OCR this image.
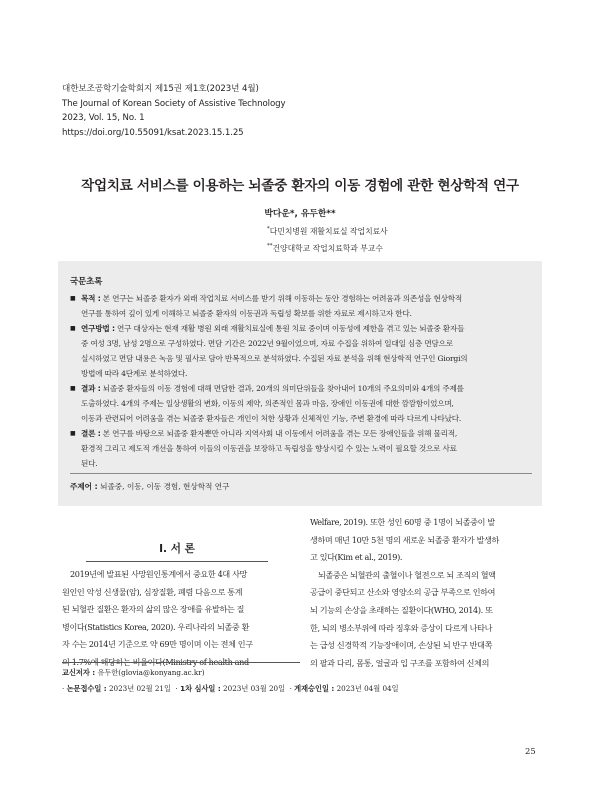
대한보조공학기술학회지 제15권 제1호(2023년 4월)
The Journal of Korean Society of Assistive Technology
2023, Vol. 15, No. 1
https://doi.org/10.55091/ksat.2023.15.1.25
작업치료 서비스를 이용하는 뇌졸중 환자의 이동 경험에 관한 현상학적 연구
박다운*, 유두한**
*다민치병원 재활치료실 작업치료사
**건양대학교 작업치료학과 부교수
국문초록
■ 목적 : 본 연구는 뇌졸중 환자가 외래 작업치료 서비스를 받기 위해 이동하는 동안 경험하는 어려움과 의존성을 현상학적
연구를 통하여 깊이 있게 이해하고 뇌졸중 환자의 이동권과 독립성 확보를 위한 자료로 제시하고자 한다.
■ 연구방법 : 연구 대상자는 현재 재활 병원 외래 재활치료실에 통원 치료 중이며 이동성에 제한을 겪고 있는 뇌졸중 환자들
중 여성 3명, 남성 2명으로 구성하였다. 면담 기간은 2022년 9월이었으며, 자료 수집을 위하여 일대일 심층 면담으로
실시하였고 면담 내용은 녹음 및 필사로 담아 반복적으로 분석하였다. 수집된 자료 분석을 위해 현상학적 연구인 Giorgi의
방법에 따라 4단계로 분석하였다.
■ 결과 : 뇌졸중 환자들의 이동 경험에 대해 면담한 결과, 20개의 의미단위들을 찾아내어 10개의 주요의미와 4개의 주제를
도출하였다. 4개의 주제는 일상생활의 변화, 이동의 제약, 의존적인 몸과 마음, 장애인 이동권에 대한 깜깜함이었으며,
이동과 관련되어 어려움을 겪는 뇌졸중 환자들은 개인이 처한 상황과 신체적인 기능, 주변 환경에 따라 다르게 나타났다.
■ 결론 : 본 연구를 바탕으로 뇌졸중 환자뿐만 아니라 지역사회 내 이동에서 어려움을 겪는 모든 장애인들을 위해 물리적,
환경적 그리고 제도적 개선을 통하여 이들의 이동권을 보장하고 독립성을 향상시킬 수 있는 노력이 필요할 것으로 사료
된다.
주제어 : 뇌졸중, 이동, 이동 경험, 현상학적 연구
Ⅰ. 서 론
2019년에 발표된 사망원인통계에서 중요한 4대 사망
원인인 악성 신생물(암), 심장질환, 폐렴 다음으로 통계
된 뇌혈관 질환은 환자의 삶의 많은 장애를 유발하는 질
병이다(Statistics Korea, 2020). 우리나라의 뇌졸중 환
자 수는 2014년 기준으로 약 69만 명이며 이는 전체 인구
의 1.7%에 해당하는 비율이다(Ministry of health and
Welfare, 2019). 또한 성인 60명 중 1명이 뇌졸중이 발
생하며 매년 10만 5천 명의 새로운 뇌졸중 환자가 발생하
고 있다(Kim et al., 2019).
뇌졸중은 뇌혈관의 출혈이나 혈전으로 뇌 조직의 혈액
공급이 중단되고 산소와 영양소의 공급 부족으로 인하여
뇌 기능의 손상을 초래하는 질환이다(WHO, 2014). 또
한, 뇌의 병소부위에 따라 징후와 증상이 다르게 나타나
는 급성 신경학적 기능장애이며, 손상된 뇌 반구 반대쪽
의 팔과 다리, 몸통, 얼굴과 입 구조를 포함하여 신체의
교신저자 : 유두한(glovia@konyang.ac.kr)
· 논문접수일 : 2023년 02월 21일  · 1차 심사일 : 2023년 03월 20일  · 게재승인일 : 2023년 04월 04일
25
